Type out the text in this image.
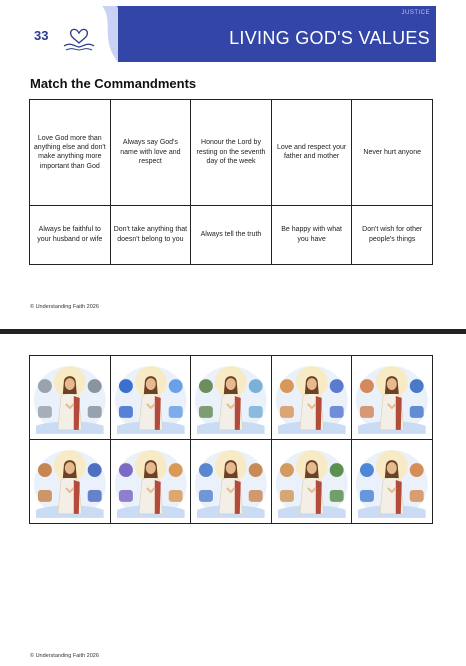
33
JUSTICE
LIVING GOD'S VALUES
Match the Commandments
Love God more than anything else and don't make anything more important than God	Always say God's name with love and respect	Honour the Lord by resting on the seventh day of the week	Love and respect your father and mother	Never hurt anyone
Always be faithful to your husband or wife	Don't take anything that doesn't belong to you	Always tell the truth	Be happy with what you have	Don't wish for other people's things
© Understanding Faith 2026

© Understanding Faith 2026
